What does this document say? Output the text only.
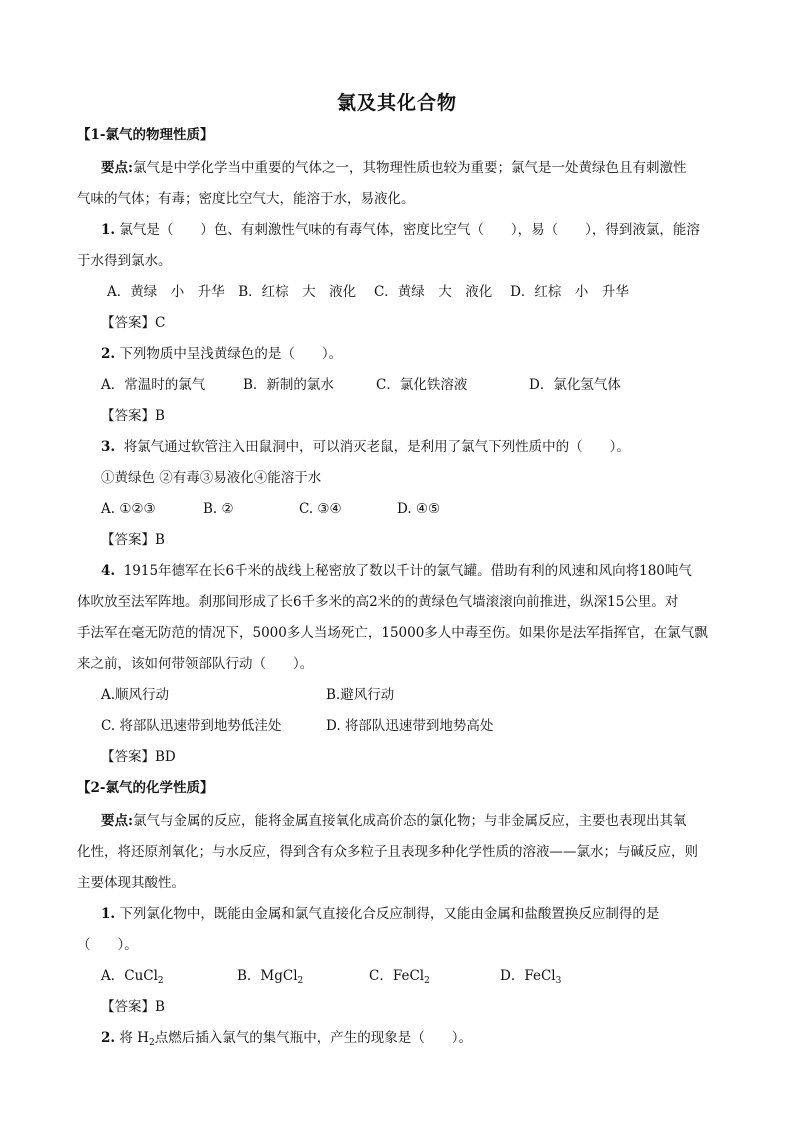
氯及其化合物
【1-氯气的物理性质】
要点:氯气是中学化学当中重要的气体之一，其物理性质也较为重要；氯气是一处黄绿色且有刺激性
气味的气体；有毒；密度比空气大，能溶于水，易液化。
1. 氯气是（　　）色、有刺激性气味的有毒气体，密度比空气（　　），易（　　），得到液氯，能溶
于水得到氯水。
A．黄绿　小　升华　B．红棕　大　液化　 C．黄绿　大　液化　 D．红棕　小　升华
【答案】C
2. 下列物质中呈浅黄绿色的是（　　）。
A．常温时的氯气	B．新制的氯水	C．氯化铁溶液	D．氯化氢气体
【答案】B
3. 将氯气通过软管注入田鼠洞中，可以消灭老鼠，是利用了氯气下列性质中的（　　）。
①黄绿色 ②有毒③易液化④能溶于水
A. ①②③	B. ②	C. ③④	D. ④⑤
【答案】B
4. 1915年德军在长6千米的战线上秘密放了数以千计的氯气罐。借助有利的风速和风向将180吨气
体吹放至法军阵地。刹那间形成了长6千多米的高2米的的黄绿色气墙滚滚向前推进，纵深15公里。对
手法军在毫无防范的情况下，5000多人当场死亡，15000多人中毒至伤。如果你是法军指挥官，在氯气飘
来之前，该如何带领部队行动（　　）。
A.顺风行动	B.避风行动
C. 将部队迅速带到地势低洼处	D. 将部队迅速带到地势高处
【答案】BD
【2-氯气的化学性质】
要点:氯气与金属的反应，能将金属直接氧化成高价态的氯化物；与非金属反应，主要也表现出其氧
化性，将还原剂氧化；与水反应，得到含有众多粒子且表现多种化学性质的溶液——氯水；与碱反应，则
主要体现其酸性。
1. 下列氯化物中，既能由金属和氯气直接化合反应制得，又能由金属和盐酸置换反应制得的是
（　　）。
A．CuCl$_2$	B．MgCl$_2$	C．FeCl$_2$	D．FeCl$_3$
【答案】B
2. 将 $H_2$点燃后插入氯气的集气瓶中，产生的现象是（　　）。
